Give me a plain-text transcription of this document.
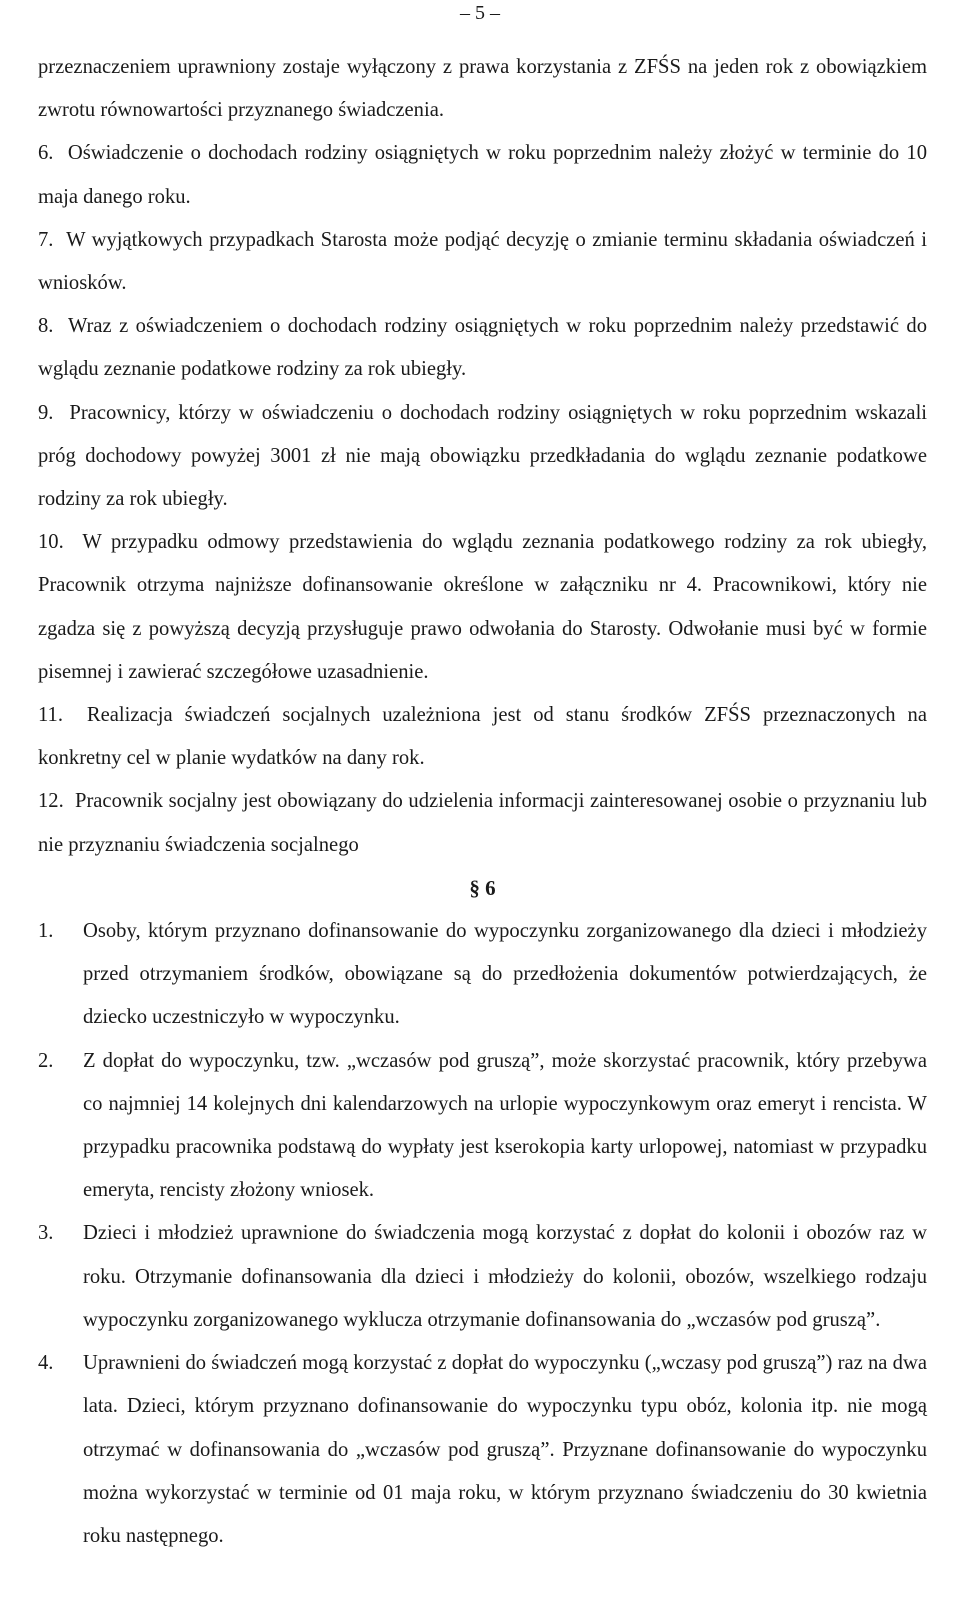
– 5 –
przeznaczeniem uprawniony zostaje wyłączony z prawa korzystania z ZFŚS na jeden rok z obowiązkiem zwrotu równowartości przyznanego świadczenia.
6.  Oświadczenie o dochodach rodziny osiągniętych w roku poprzednim należy złożyć w terminie do 10 maja danego roku.
7.  W wyjątkowych przypadkach Starosta może podjąć decyzję o zmianie terminu składania oświadczeń i wniosków.
8.  Wraz z oświadczeniem o dochodach rodziny osiągniętych w roku poprzednim należy przedstawić do wglądu zeznanie podatkowe rodziny za rok ubiegły.
9.  Pracownicy, którzy w oświadczeniu o dochodach rodziny osiągniętych w roku poprzednim wskazali próg dochodowy powyżej 3001 zł nie mają obowiązku przedkładania do wglądu zeznanie podatkowe rodziny za rok ubiegły.
10.  W przypadku odmowy przedstawienia do wglądu zeznania podatkowego rodziny za rok ubiegły, Pracownik otrzyma najniższe dofinansowanie określone w załączniku nr 4. Pracownikowi, który nie zgadza się z powyższą decyzją przysługuje prawo odwołania do Starosty. Odwołanie musi być w formie pisemnej i zawierać szczegółowe uzasadnienie.
11.  Realizacja świadczeń socjalnych uzależniona jest od stanu środków ZFŚS przeznaczonych na konkretny cel w planie wydatków na dany rok.
12.  Pracownik socjalny jest obowiązany do udzielenia informacji zainteresowanej osobie o przyznaniu lub nie przyznaniu świadczenia socjalnego
§ 6
1.	Osoby, którym przyznano dofinansowanie do wypoczynku zorganizowanego dla dzieci i młodzieży przed otrzymaniem środków, obowiązane są do przedłożenia dokumentów potwierdzających, że dziecko uczestniczyło w wypoczynku.
2.	Z dopłat do wypoczynku, tzw. „wczasów pod gruszą”, może skorzystać pracownik, który przebywa co najmniej 14 kolejnych dni kalendarzowych na urlopie wypoczynkowym oraz emeryt i rencista. W przypadku pracownika podstawą do wypłaty jest kserokopia karty urlopowej, natomiast w przypadku emeryta, rencisty złożony wniosek.
3.	Dzieci i młodzież uprawnione do świadczenia mogą korzystać z dopłat do kolonii i obozów raz w roku. Otrzymanie dofinansowania dla dzieci i młodzieży do kolonii, obozów, wszelkiego rodzaju wypoczynku zorganizowanego wyklucza otrzymanie dofinansowania do „wczasów pod gruszą”.
4.	Uprawnieni do świadczeń mogą korzystać z dopłat do wypoczynku („wczasy pod gruszą”) raz na dwa lata. Dzieci, którym przyznano dofinansowanie do wypoczynku typu obóz, kolonia itp. nie mogą otrzymać w dofinansowania do „wczasów pod gruszą”. Przyznane dofinansowanie do wypoczynku można wykorzystać w terminie od 01 maja roku, w którym przyznano świadczeniu do 30 kwietnia roku następnego.
